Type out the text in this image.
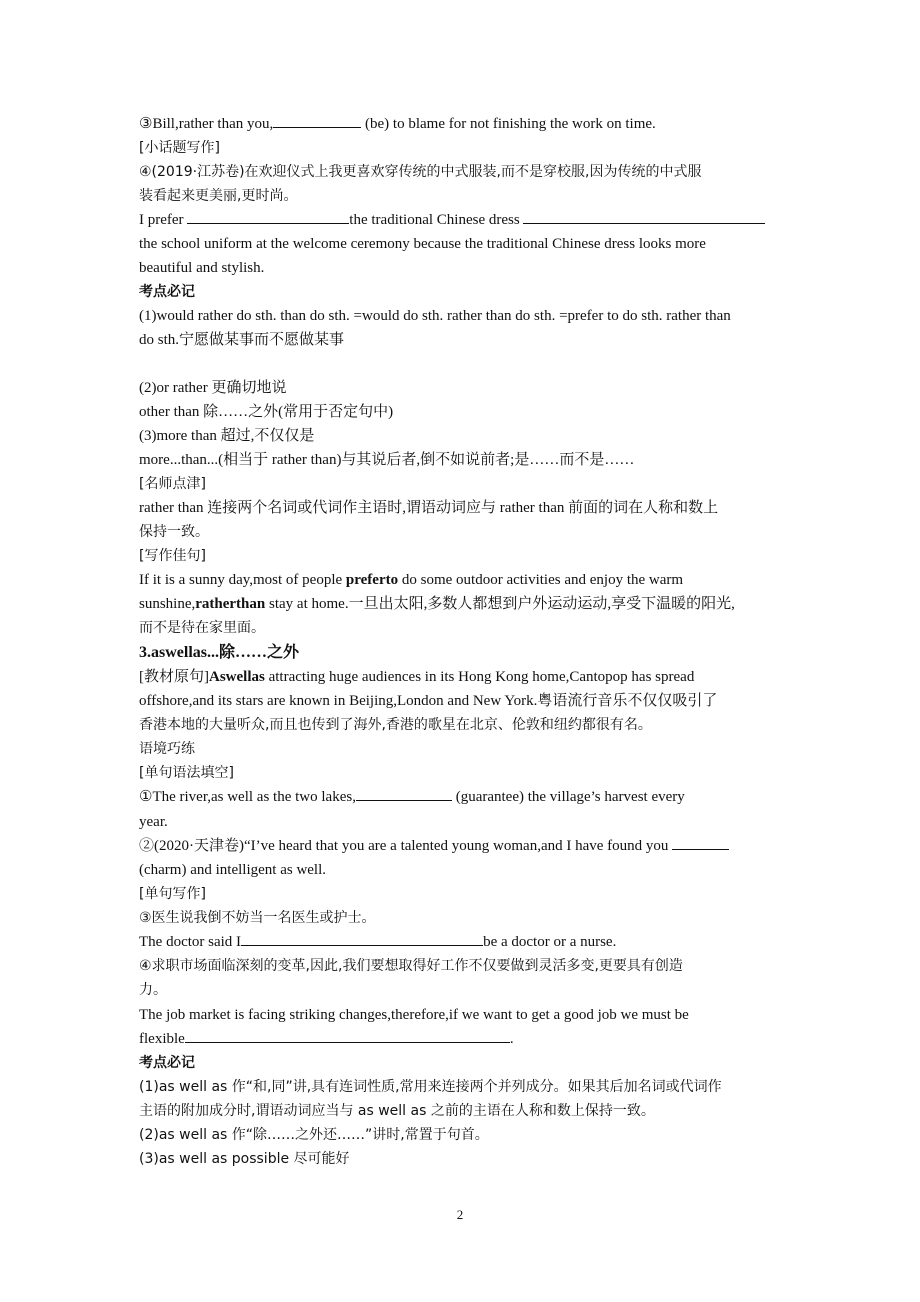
③Bill,rather than you,	(be) to blame for not finishing the work on time.
[小话题写作]
④(2019·江苏卷)在欢迎仪式上我更喜欢穿传统的中式服装,而不是穿校服,因为传统的中式服
装看起来更美丽,更时尚。
I prefer	the traditional Chinese dress
the school uniform at the welcome ceremony because the traditional Chinese dress looks more
beautiful and stylish.
考点必记
(1)would rather do sth. than do sth. =would do sth. rather than do sth. =prefer to do sth. rather than
do sth.宁愿做某事而不愿做某事
(2)or rather 更确切地说
other than 除……之外(常用于否定句中)
(3)more than 超过,不仅仅是
more...than...(相当于 rather than)与其说后者,倒不如说前者;是……而不是……
[名师点津]
rather than 连接两个名词或代词作主语时,谓语动词应与 rather than 前面的词在人称和数上
保持一致。
[写作佳句]
If it is a sunny day,most of people preferto do some outdoor activities and enjoy the warm
sunshine,ratherthan stay at home.一旦出太阳,多数人都想到户外运动运动,享受下温暖的阳光,
而不是待在家里面。
3.aswellas...除……之外
[教材原句]Aswellas attracting huge audiences in its Hong Kong home,Cantopop has spread
offshore,and its stars are known in Beijing,London and New York.粤语流行音乐不仅仅吸引了
香港本地的大量听众,而且也传到了海外,香港的歌星在北京、伦敦和纽约都很有名。
语境巧练
[单句语法填空]
①The river,as well as the two lakes,	(guarantee) the village’s harvest every
year.
②(2020·天津卷)“I’ve heard that you are a talented young woman,and I have found you
(charm) and intelligent as well.
[单句写作]
③医生说我倒不妨当一名医生或护士。
The doctor said I	be a doctor or a nurse.
④求职市场面临深刻的变革,因此,我们要想取得好工作不仅要做到灵活多变,更要具有创造
力。
The job market is facing striking changes,therefore,if we want to get a good job we must be
flexible	.
考点必记
(1)as well as 作“和,同”讲,具有连词性质,常用来连接两个并列成分。如果其后加名词或代词作
主语的附加成分时,谓语动词应当与 as well as 之前的主语在人称和数上保持一致。
(2)as well as 作“除……之外还……”讲时,常置于句首。
(3)as well as possible 尽可能好
2
